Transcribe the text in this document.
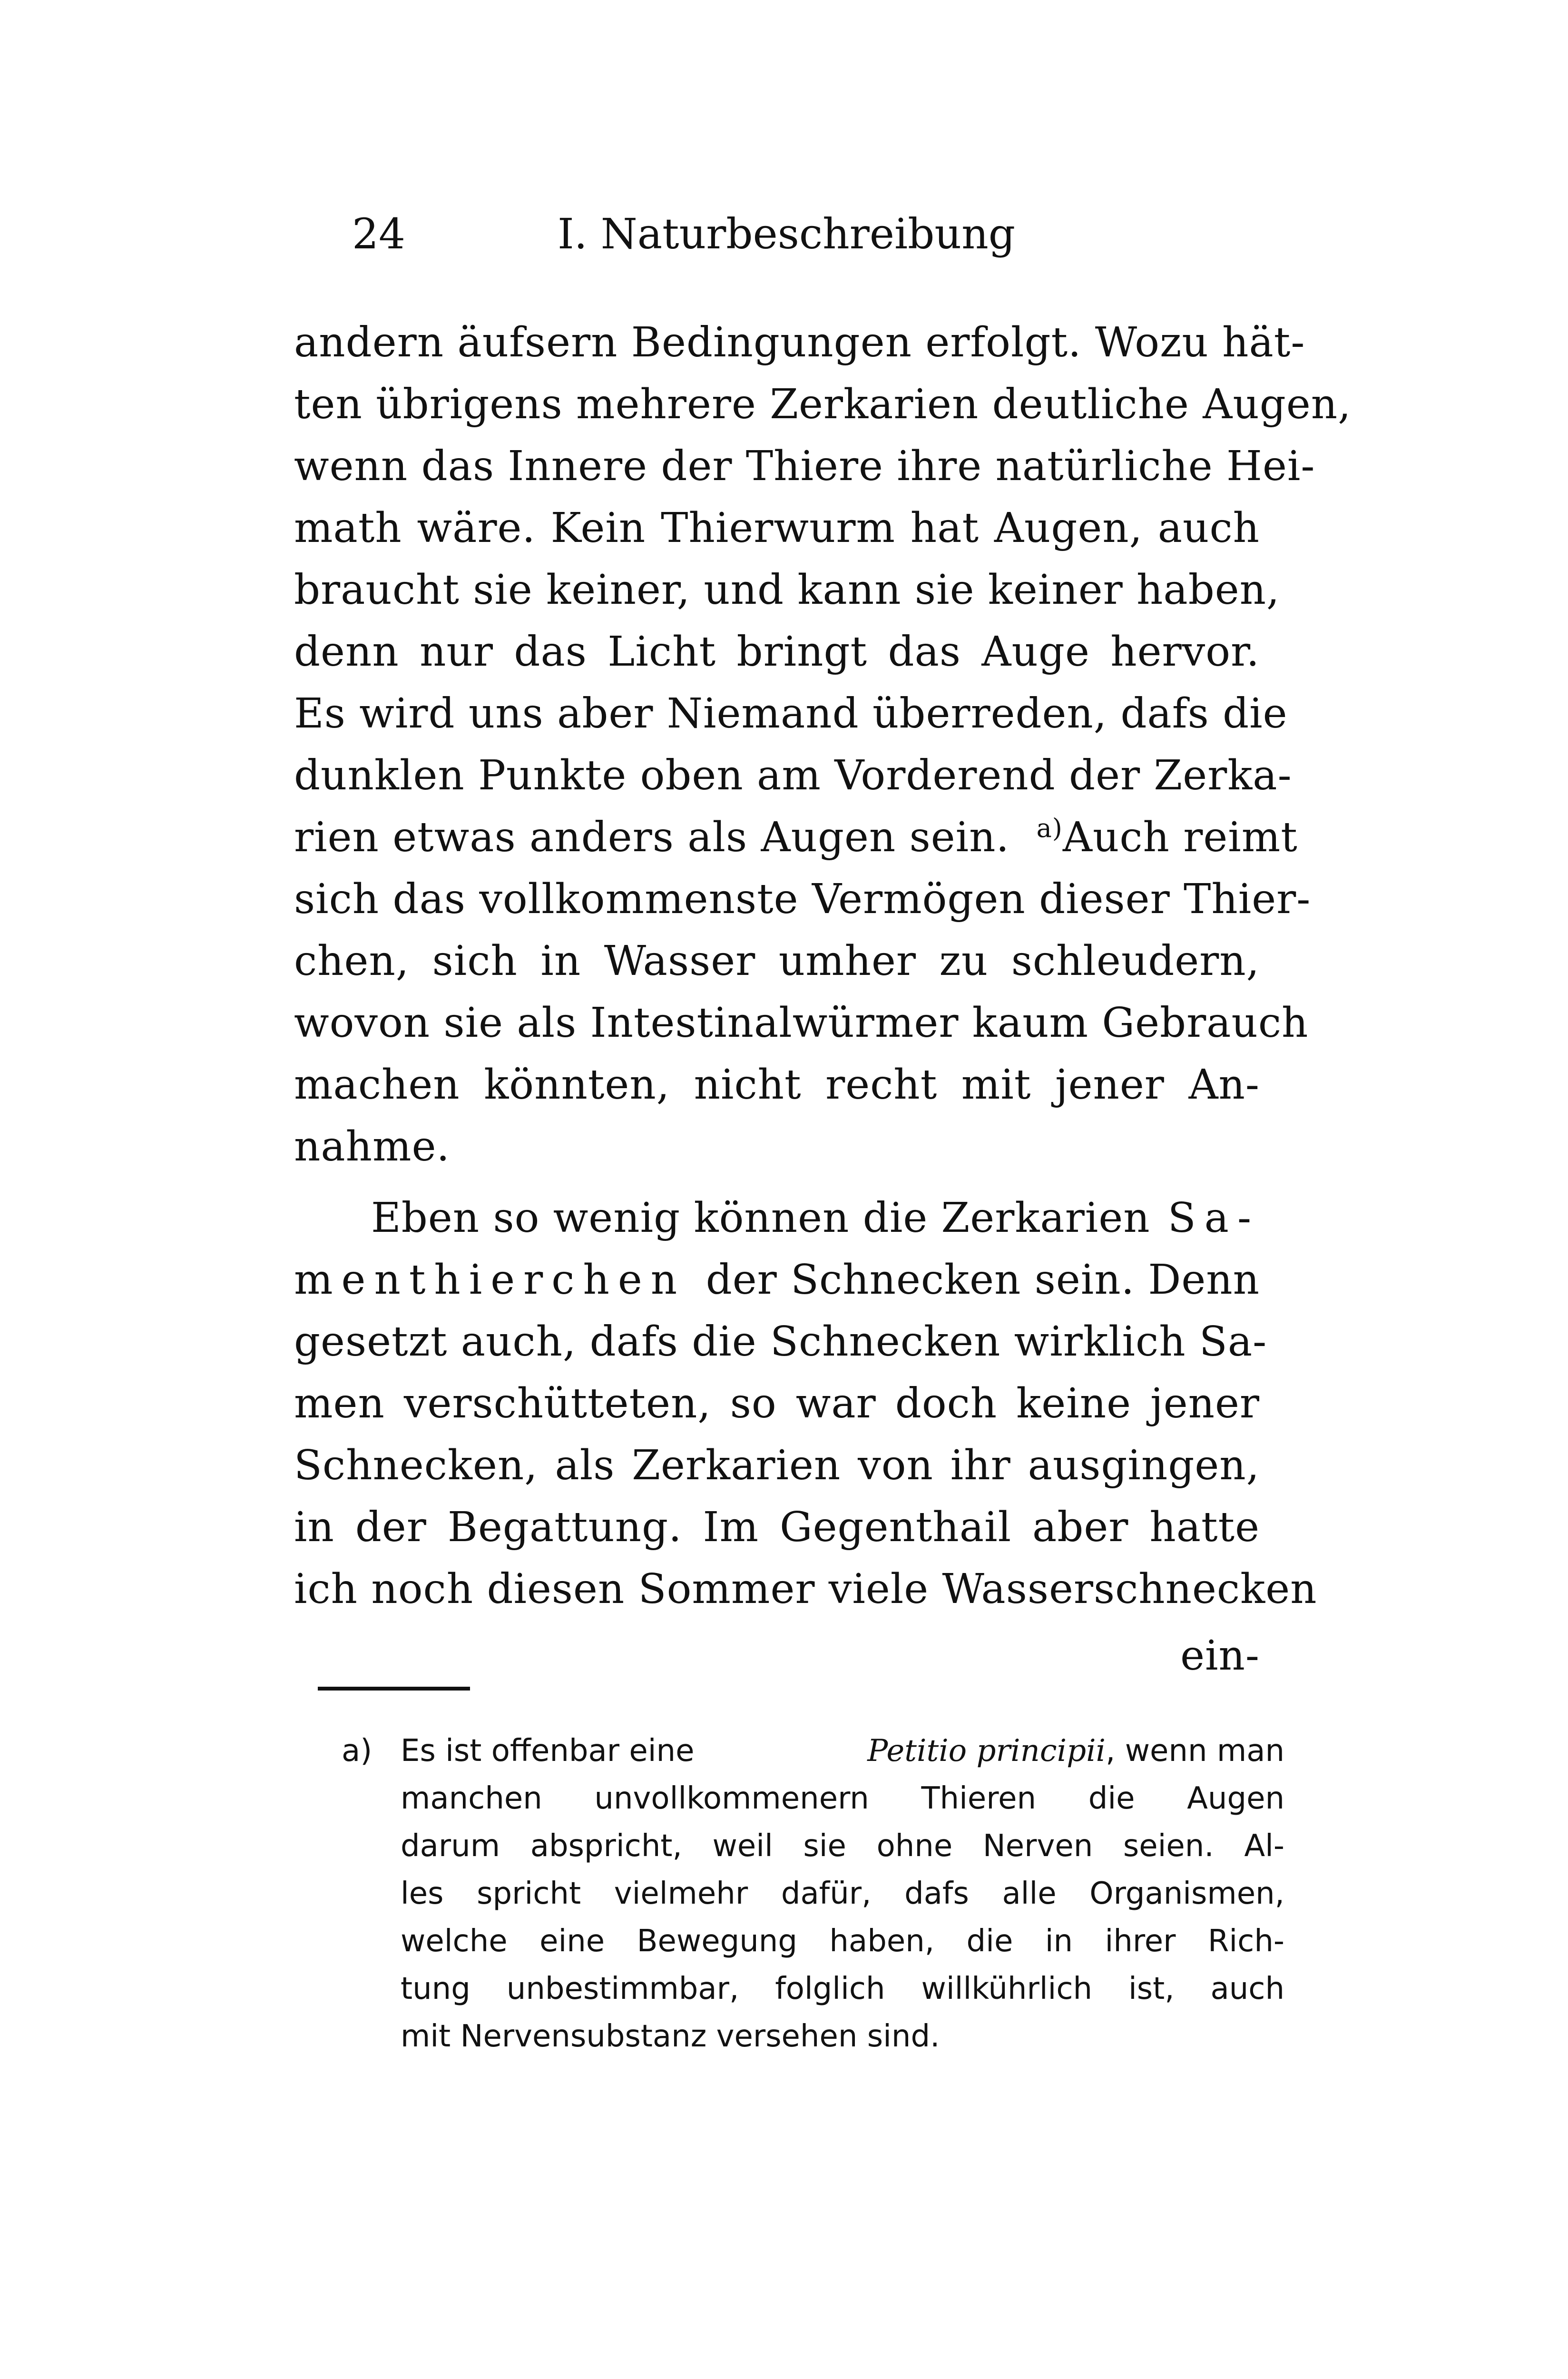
24	I. Naturbeschreibung
andern äufsern Bedingungen erfolgt. Wozu hät-
ten übrigens mehrere Zerkarien deutliche Augen,
wenn das Innere der Thiere ihre natürliche Hei-
math wäre. Kein Thierwurm hat Augen, auch
braucht sie keiner, und kann sie keiner haben,
denn nur das Licht bringt das Auge hervor.
Es wird uns aber Niemand überreden, dafs die
dunklen Punkte oben am Vorderend der Zerka-
rien etwas anders als Augen sein. $^{a)}$ Auch reimt
sich das vollkommenste Vermögen dieser Thier-
chen, sich in Wasser umher zu schleudern,
wovon sie als Intestinalwürmer kaum Gebrauch
machen könnten, nicht recht mit jener An-
nahme.
Eben so wenig können die Zerkarien Sa-
menthierchen der Schnecken sein. Denn
gesetzt auch, dafs die Schnecken wirklich Sa-
men verschütteten, so war doch keine jener
Schnecken, als Zerkarien von ihr ausgingen,
in der Begattung. Im Gegenthail aber hatte
ich noch diesen Sommer viele Wasserschnecken
ein-
a) Es ist offenbar eine	Petitio principii, wenn man
manchen unvollkommenern Thieren die Augen
darum abspricht, weil sie ohne Nerven seien. Al-
les spricht vielmehr dafür, dafs alle Organismen,
welche eine Bewegung haben, die in ihrer Rich-
tung unbestimmbar, folglich willkührlich ist, auch
mit Nervensubstanz versehen sind.
